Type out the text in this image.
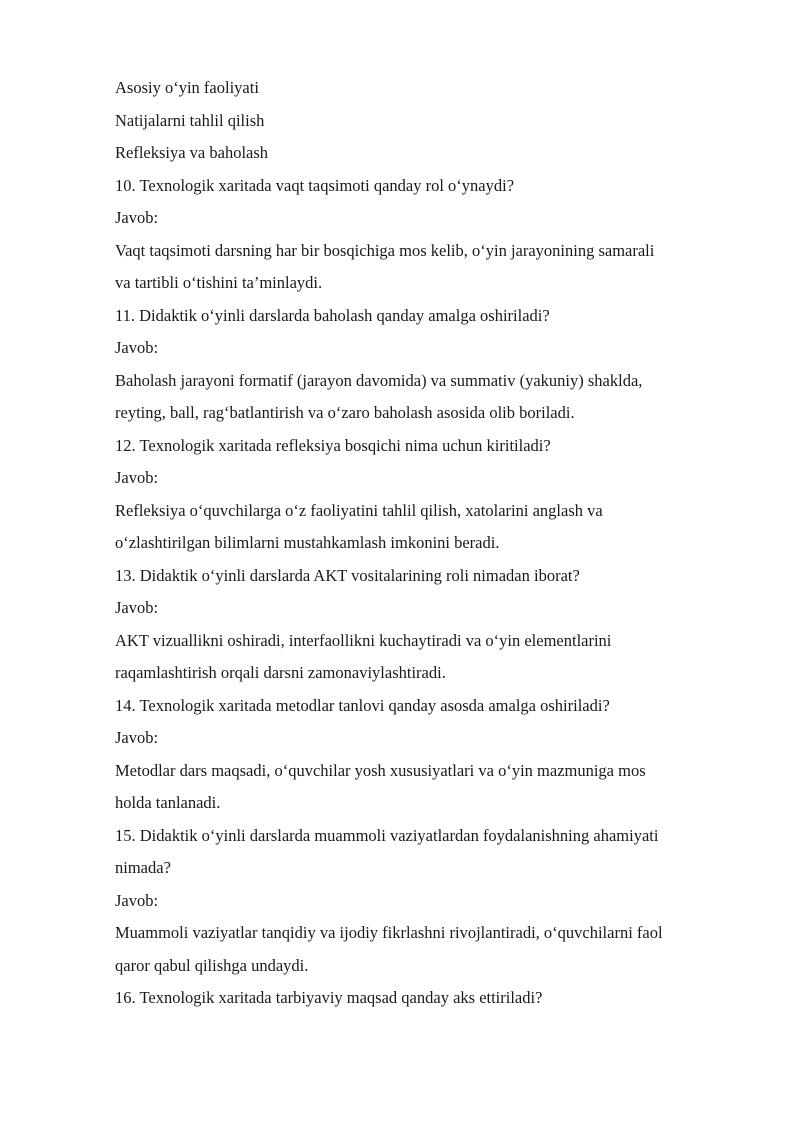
Asosiy o‘yin faoliyati
Natijalarni tahlil qilish
Refleksiya va baholash
10. Texnologik xaritada vaqt taqsimoti qanday rol o‘ynaydi?
Javob:
Vaqt taqsimoti darsning har bir bosqichiga mos kelib, o‘yin jarayonining samarali
va tartibli o‘tishini ta’minlaydi.
11. Didaktik o‘yinli darslarda baholash qanday amalga oshiriladi?
Javob:
Baholash jarayoni formatif (jarayon davomida) va summativ (yakuniy) shaklda,
reyting, ball, rag‘batlantirish va o‘zaro baholash asosida olib boriladi.
12. Texnologik xaritada refleksiya bosqichi nima uchun kiritiladi?
Javob:
Refleksiya o‘quvchilarga o‘z faoliyatini tahlil qilish, xatolarini anglash va
o‘zlashtirilgan bilimlarni mustahkamlash imkonini beradi.
13. Didaktik o‘yinli darslarda AKT vositalarining roli nimadan iborat?
Javob:
AKT vizuallikni oshiradi, interfaollikni kuchaytiradi va o‘yin elementlarini
raqamlashtirish orqali darsni zamonaviylashtiradi.
14. Texnologik xaritada metodlar tanlovi qanday asosda amalga oshiriladi?
Javob:
Metodlar dars maqsadi, o‘quvchilar yosh xususiyatlari va o‘yin mazmuniga mos
holda tanlanadi.
15. Didaktik o‘yinli darslarda muammoli vaziyatlardan foydalanishning ahamiyati
nimada?
Javob:
Muammoli vaziyatlar tanqidiy va ijodiy fikrlashni rivojlantiradi, o‘quvchilarni faol
qaror qabul qilishga undaydi.
16. Texnologik xaritada tarbiyaviy maqsad qanday aks ettiriladi?
